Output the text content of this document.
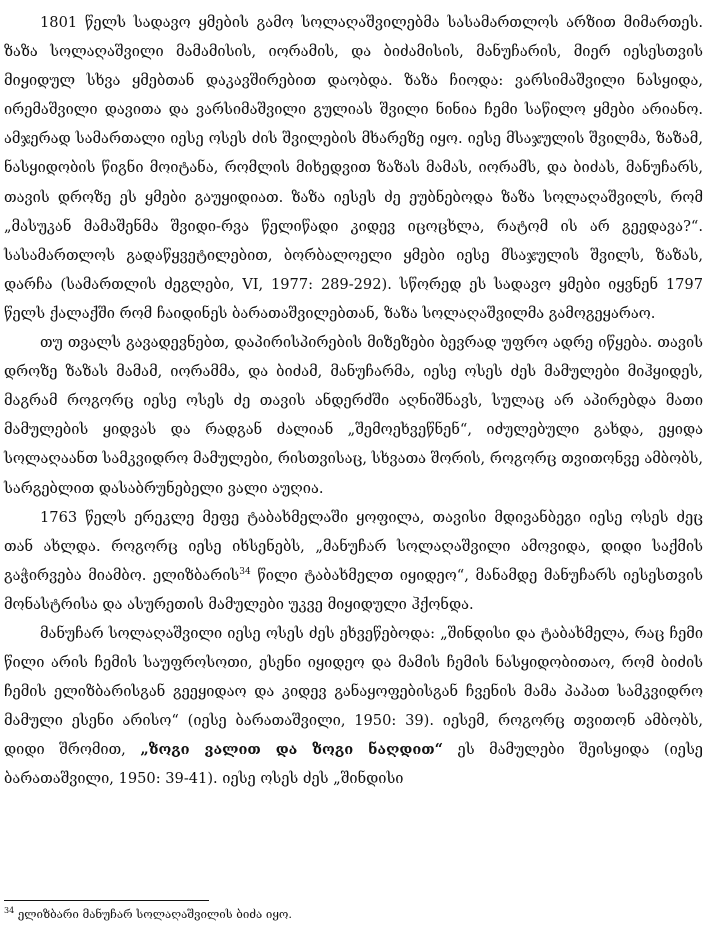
1801 წელს სადავო ყმების გამო სოლაღაშვილებმა სასამართლოს არზით მიმართეს. ზაზა სოლაღაშვილი მამამისის, იორამის, და ბიძამისის, მანუჩარის, მიერ იესესთვის მიყიდულ სხვა ყმებთან დაკავშირებით დაობდა. ზაზა ჩიოდა: ვარსიმაშვილი ნასყიდა, ირემაშვილი დავითა და ვარსიმაშვილი გულიას შვილი ნინია ჩემი საწილო ყმები არიანო. ამჯერად სამართალი იესე ოსეს ძის შვილების მხარეზე იყო. იესე მსაჯულის შვილმა, ზაზამ, ნასყიდობის წიგნი მოიტანა, რომლის მიხედვით ზაზას მამას, იორამს, და ბიძას, მანუჩარს, თავის დროზე ეს ყმები გაუყიდიათ. ზაზა იესეს ძე ეუბნებოდა ზაზა სოლაღაშვილს, რომ „მასუკან მამაშენმა შვიდი-რვა წელიწადი კიდევ იცოცხლა, რატომ ის არ გეედავა?“. სასამართლოს გადაწყვეტილებით, ბორბალოელი ყმები იესე მსაჯულის შვილს, ზაზას, დარჩა (სამართლის ძეგლები, VI, 1977: 289-292). სწორედ ეს სადავო ყმები იყვნენ 1797 წელს ქალაქში რომ ჩაიდინეს ბარათაშვილებთან, ზაზა სოლაღაშვილმა გამოგეყარაო.

თუ თვალს გავადევნებთ, დაპირისპირების მიზეზები ბევრად უფრო ადრე იწყება. თავის დროზე ზაზას მამამ, იორამმა, და ბიძამ, მანუჩარმა, იესე ოსეს ძეს მამულები მიჰყიდეს, მაგრამ როგორც იესე ოსეს ძე თავის ანდერძში აღნიშნავს, სულაც არ აპირებდა მათი მამულების ყიდვას და რადგან ძალიან „შემოეხვეწნენ“, იძულებული გახდა, ეყიდა სოლაღაანთ სამკვიდრო მამულები, რისთვისაც, სხვათა შორის, როგორც თვითონვე ამბობს, სარგებლით დასაბრუნებელი ვალი აუღია.

1763 წელს ერეკლე მეფე ტაბახმელაში ყოფილა, თავისი მდივანბეგი იესე ოსეს ძეც თან ახლდა. როგორც იესე იხსენებს, „მანუჩარ სოლაღაშვილი ამოვიდა, დიდი საქმის გაჭირვება მიამბო. ელიზბარის$^{34}$ წილი ტაბახმელთ იყიდეო“, მანამდე მანუჩარს იესესთვის მონასტრისა და ასურეთის მამულები უკვე მიყიდული ჰქონდა.

მანუჩარ სოლაღაშვილი იესე ოსეს ძეს ეხვეწებოდა: „შინდისი და ტაბახმელა, რაც ჩემი წილი არის ჩემის საუფროსოთი, ესენი იყიდეო და მამის ჩემის ნასყიდობითაო, რომ ბიძის ჩემის ელიზბარისგან გეეყიდაო და კიდევ განაყოფებისგან ჩვენის მამა პაპათ სამკვიდრო მამული ესენი არისო“ (იესე ბარათაშვილი, 1950: 39). იესემ, როგორც თვითონ ამბობს, დიდი შრომით, „ზოგი ვალით და ზოგი ნაღდით“ ეს მამულები შეისყიდა (იესე ბარათაშვილი, 1950: 39-41). იესე ოსეს ძეს „შინდისი

$^{34}$ ელიზბარი მანუჩარ სოლაღაშვილის ბიძა იყო.
